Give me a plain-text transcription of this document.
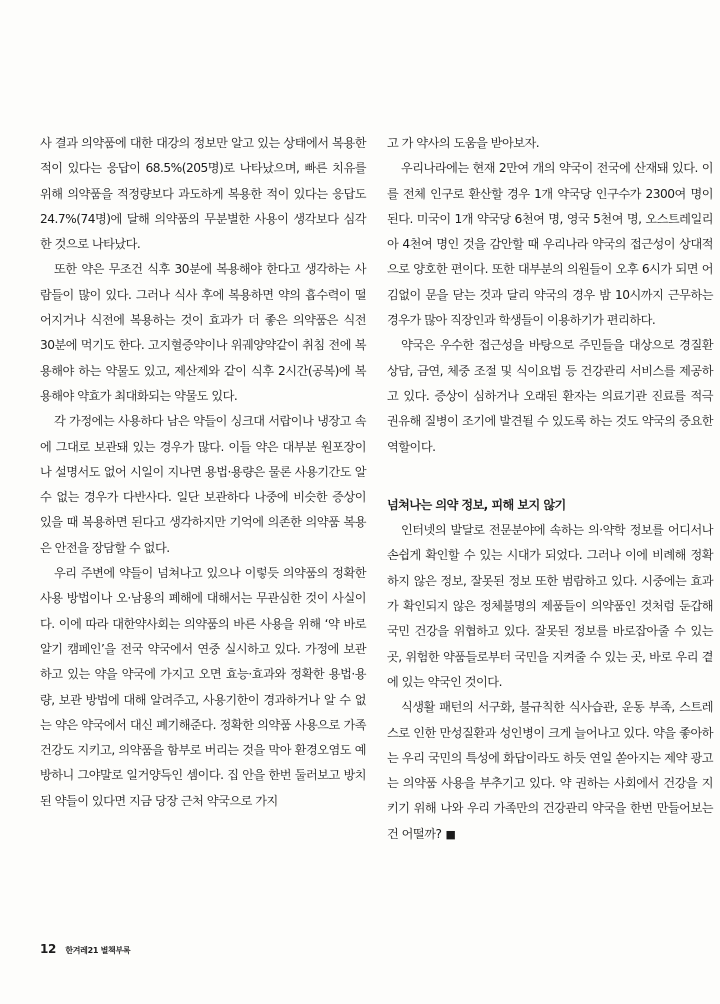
사 결과 의약품에 대한 대강의 정보만 알고 있는 상태에서 복용한 적이 있다는 응답이 68.5%(205명)로 나타났으며, 빠른 치유를 위해 의약품을 적정량보다 과도하게 복용한 적이 있다는 응답도 24.7%(74명)에 달해 의약품의 무분별한 사용이 생각보다 심각한 것으로 나타났다.

또한 약은 무조건 식후 30분에 복용해야 한다고 생각하는 사람들이 많이 있다. 그러나 식사 후에 복용하면 약의 흡수력이 떨어지거나 식전에 복용하는 것이 효과가 더 좋은 의약품은 식전 30분에 먹기도 한다. 고지혈증약이나 위궤양약같이 취침 전에 복용해야 하는 약물도 있고, 제산제와 같이 식후 2시간(공복)에 복용해야 약효가 최대화되는 약물도 있다.

각 가정에는 사용하다 남은 약들이 싱크대 서랍이나 냉장고 속에 그대로 보관돼 있는 경우가 많다. 이들 약은 대부분 원포장이나 설명서도 없어 시일이 지나면 용법·용량은 물론 사용기간도 알 수 없는 경우가 다반사다. 일단 보관하다 나중에 비슷한 증상이 있을 때 복용하면 된다고 생각하지만 기억에 의존한 의약품 복용은 안전을 장담할 수 없다.

우리 주변에 약들이 넘쳐나고 있으나 이렇듯 의약품의 정확한 사용 방법이나 오·남용의 폐해에 대해서는 무관심한 것이 사실이다. 이에 따라 대한약사회는 의약품의 바른 사용을 위해 ‘약 바로 알기 캠페인’을 전국 약국에서 연중 실시하고 있다. 가정에 보관하고 있는 약을 약국에 가지고 오면 효능·효과와 정확한 용법·용량, 보관 방법에 대해 알려주고, 사용기한이 경과하거나 알 수 없는 약은 약국에서 대신 폐기해준다. 정확한 의약품 사용으로 가족 건강도 지키고, 의약품을 함부로 버리는 것을 막아 환경오염도 예방하니 그야말로 일거양득인 셈이다. 집 안을 한번 둘러보고 방치된 약들이 있다면 지금 당장 근처 약국으로 가지

고 가 약사의 도움을 받아보자.

우리나라에는 현재 2만여 개의 약국이 전국에 산재돼 있다. 이를 전체 인구로 환산할 경우 1개 약국당 인구수가 2300여 명이 된다. 미국이 1개 약국당 6천여 명, 영국 5천여 명, 오스트레일리아 4천여 명인 것을 감안할 때 우리나라 약국의 접근성이 상대적으로 양호한 편이다. 또한 대부분의 의원들이 오후 6시가 되면 어김없이 문을 닫는 것과 달리 약국의 경우 밤 10시까지 근무하는 경우가 많아 직장인과 학생들이 이용하기가 편리하다.

약국은 우수한 접근성을 바탕으로 주민들을 대상으로 경질환 상담, 금연, 체중 조절 및 식이요법 등 건강관리 서비스를 제공하고 있다. 증상이 심하거나 오래된 환자는 의료기관 진료를 적극 권유해 질병이 조기에 발견될 수 있도록 하는 것도 약국의 중요한 역할이다.

넘쳐나는 의약 정보, 피해 보지 않기

인터넷의 발달로 전문분야에 속하는 의·약학 정보를 어디서나 손쉽게 확인할 수 있는 시대가 되었다. 그러나 이에 비례해 정확하지 않은 정보, 잘못된 정보 또한 범람하고 있다. 시중에는 효과가 확인되지 않은 정체불명의 제품들이 의약품인 것처럼 둔갑해 국민 건강을 위협하고 있다. 잘못된 정보를 바로잡아줄 수 있는 곳, 위험한 약품들로부터 국민을 지켜줄 수 있는 곳, 바로 우리 곁에 있는 약국인 것이다.

식생활 패턴의 서구화, 불규칙한 식사습관, 운동 부족, 스트레스로 인한 만성질환과 성인병이 크게 늘어나고 있다. 약을 좋아하는 우리 국민의 특성에 화답이라도 하듯 연일 쏟아지는 제약 광고는 의약품 사용을 부추기고 있다. 약 권하는 사회에서 건강을 지키기 위해 나와 우리 가족만의 건강관리 약국을 한번 만들어보는 건 어떨까? ■

12 한겨레21 별책부록
